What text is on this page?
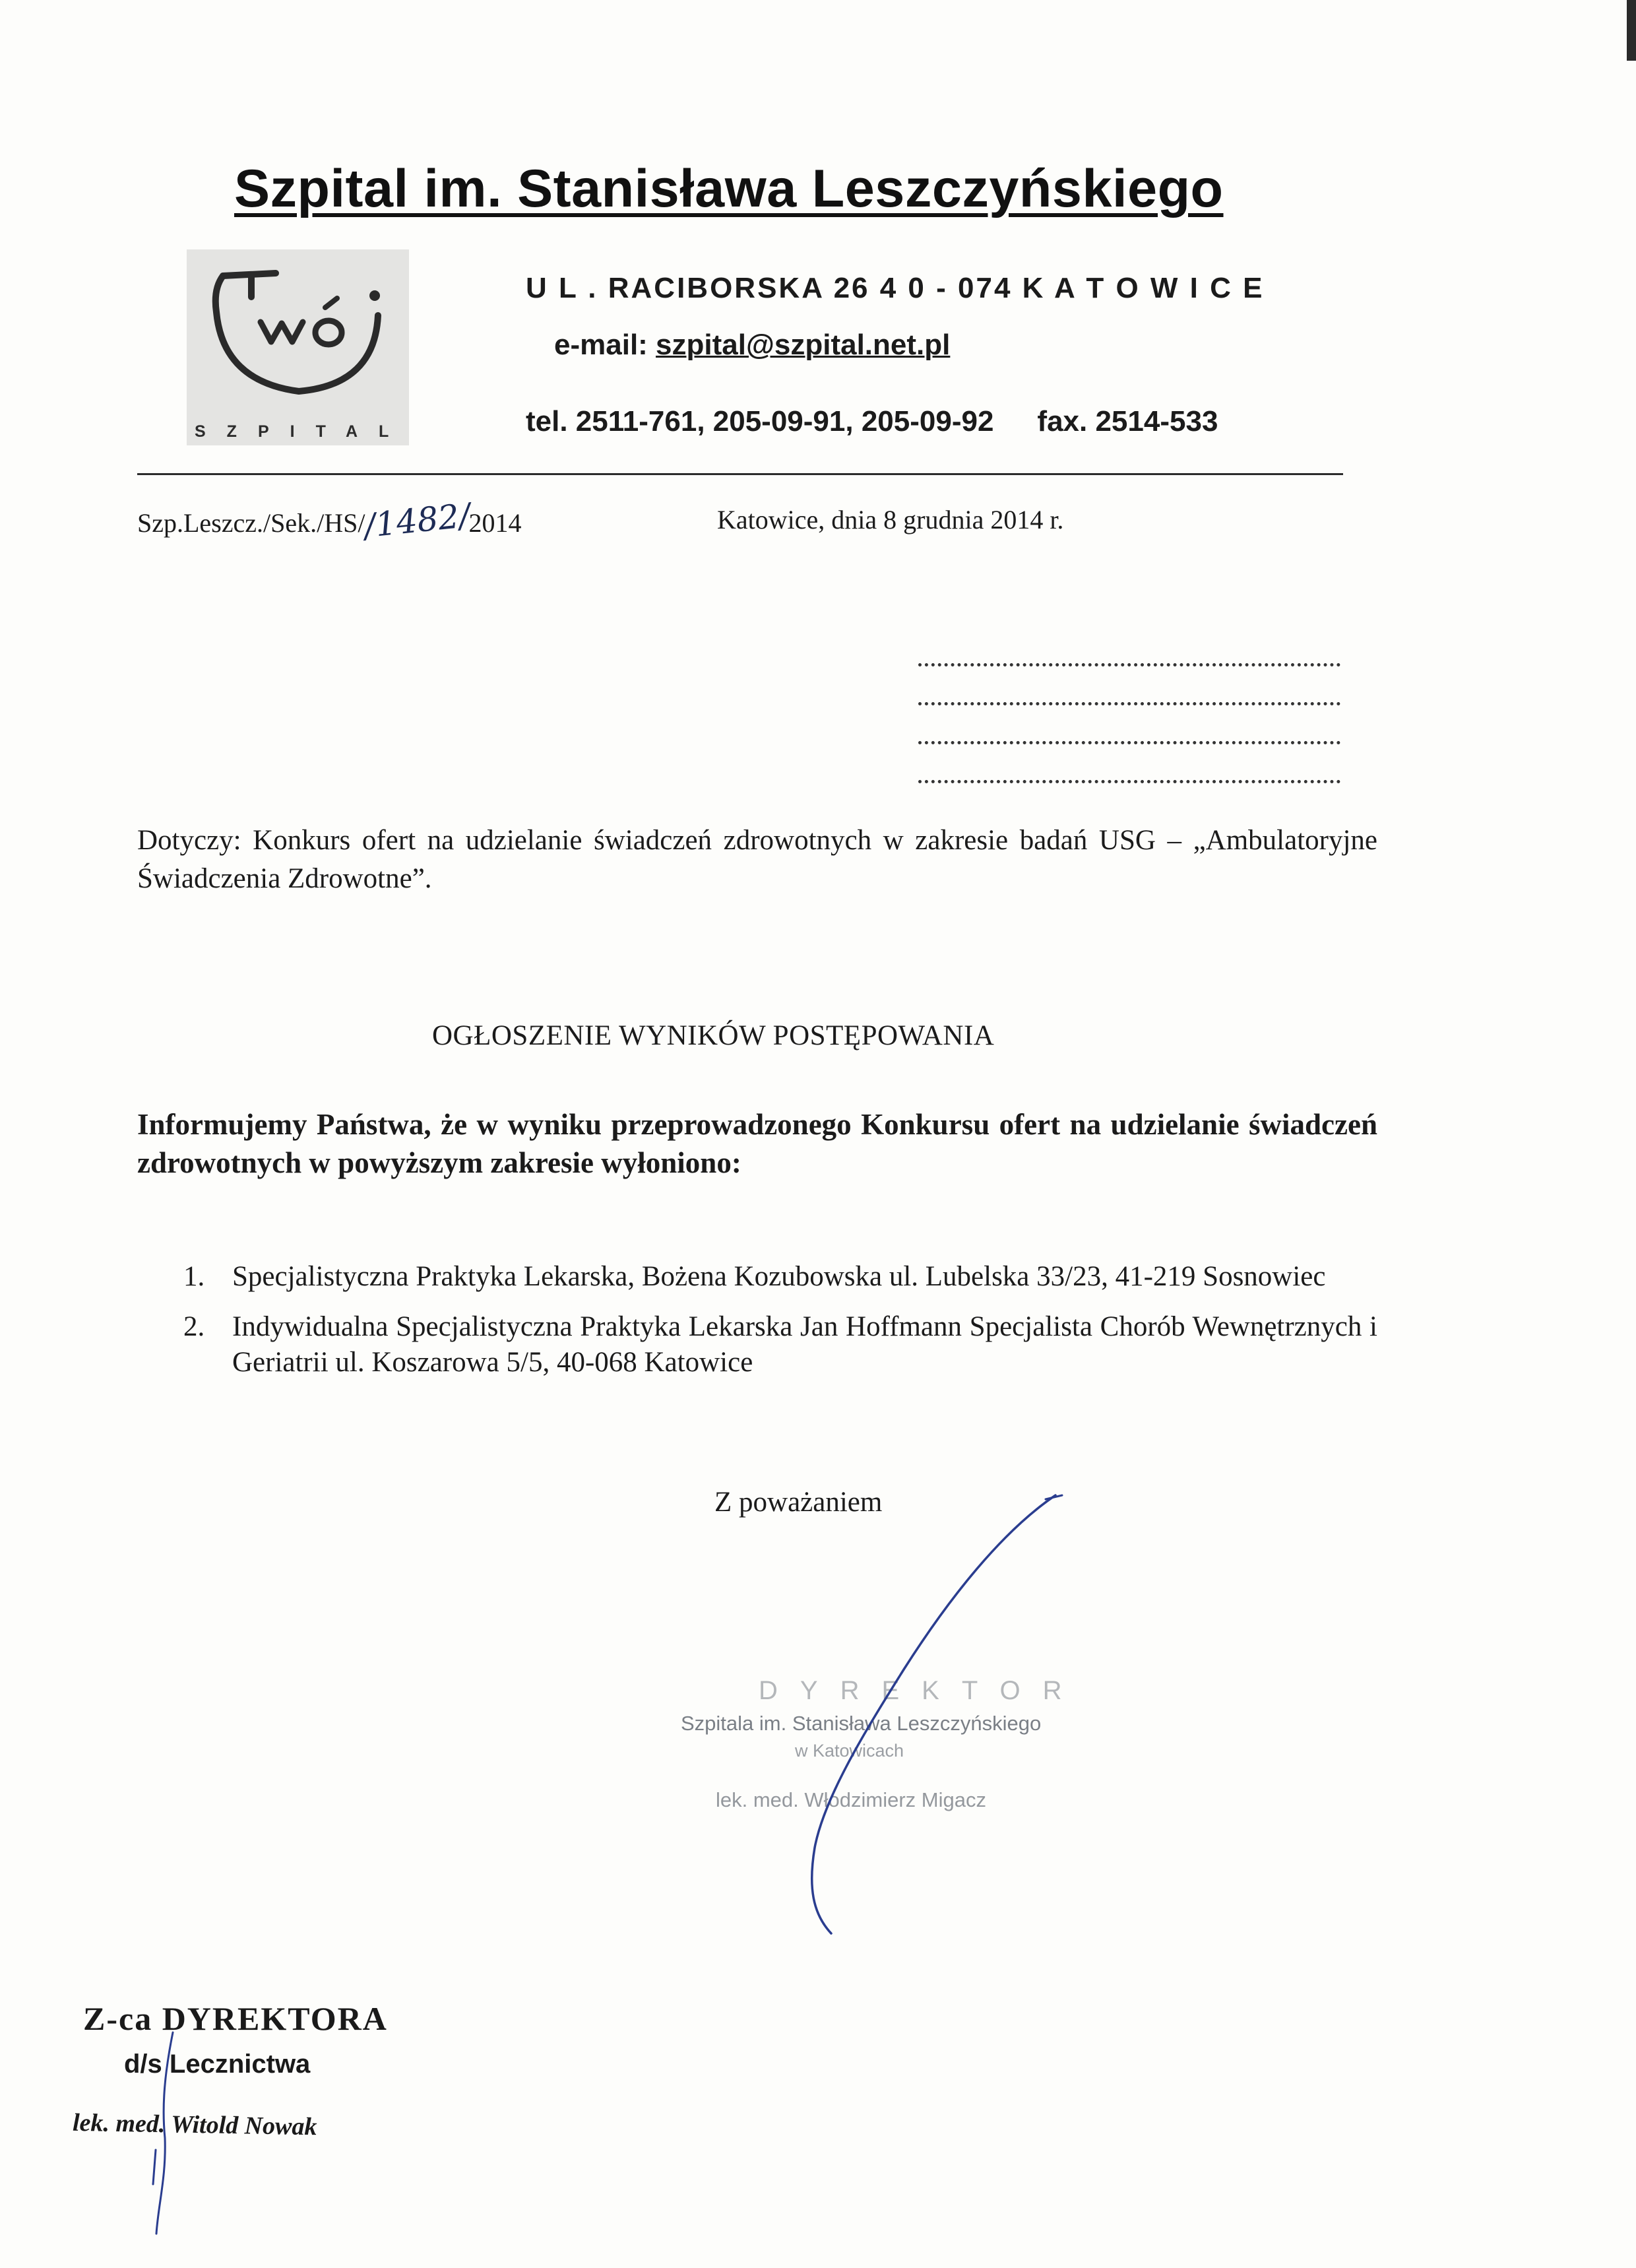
Szpital im. Stanisława Leszczyńskiego
SZPITAL
U L . RACIBORSKA 26 4 0 - 074 K A T O W I C E
e-mail: szpital@szpital.net.pl
tel. 2511-761, 205-09-91, 205-09-92 fax. 2514-533
Szp.Leszcz./Sek./HS//1482/2014	Katowice, dnia 8 grudnia 2014 r.
Dotyczy: Konkurs ofert na udzielanie świadczeń zdrowotnych w zakresie badań USG – „Ambulatoryjne Świadczenia Zdrowotne”.
OGŁOSZENIE WYNIKÓW POSTĘPOWANIA
Informujemy Państwa, że w wyniku przeprowadzonego Konkursu ofert na udzielanie świadczeń zdrowotnych w powyższym zakresie wyłoniono:
1. Specjalistyczna Praktyka Lekarska, Bożena Kozubowska ul. Lubelska 33/23, 41-219 Sosnowiec
2. Indywidualna Specjalistyczna Praktyka Lekarska Jan Hoffmann Specjalista Chorób Wewnętrznych i Geriatrii ul. Koszarowa 5/5, 40-068 Katowice
Z poważaniem
DYREKTOR
Szpitala im. Stanisława Leszczyńskiego
w Katowicach
lek. med. Włodzimierz Migacz
Z-ca DYREKTORA
d/s Lecznictwa
lek. med. Witold Nowak
